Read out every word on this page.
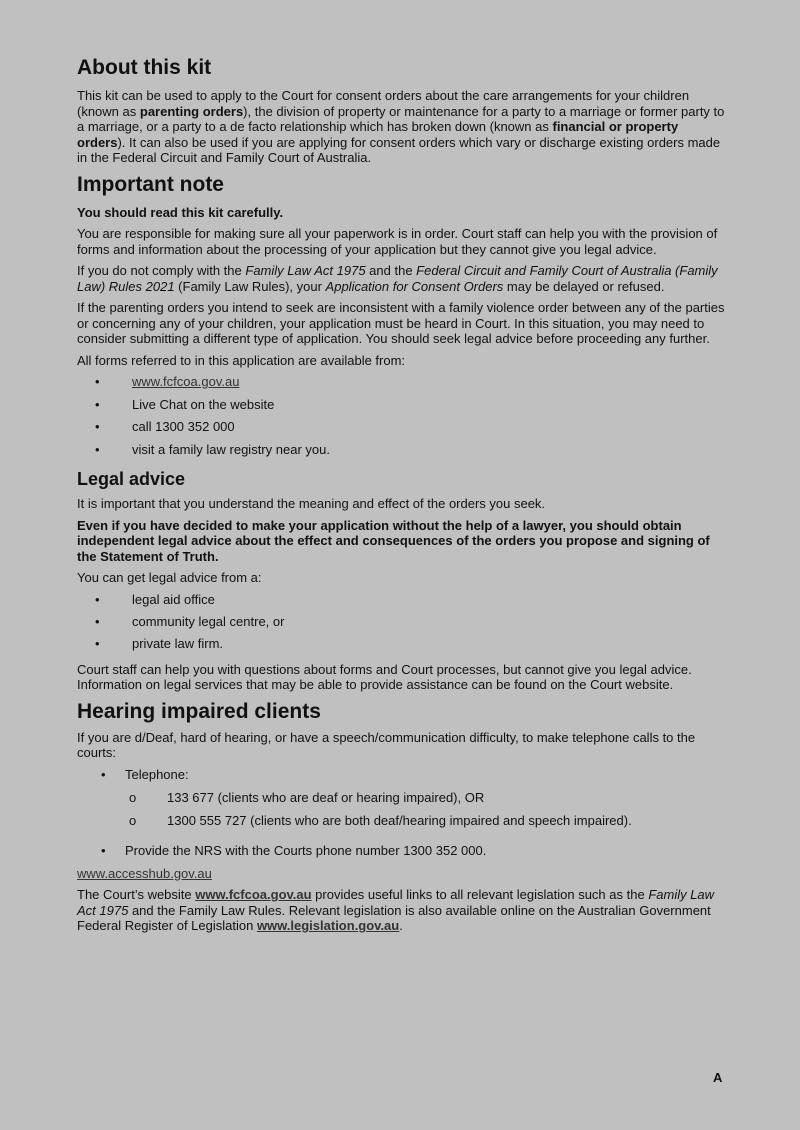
About this kit

This kit can be used to apply to the Court for consent orders about the care arrangements for your children (known as parenting orders), the division of property or maintenance for a party to a marriage or former party to a marriage, or a party to a de facto relationship which has broken down (known as financial or property orders). It can also be used if you are applying for consent orders which vary or discharge existing orders made in the Federal Circuit and Family Court of Australia.

Important note

You should read this kit carefully.

You are responsible for making sure all your paperwork is in order. Court staff can help you with the provision of forms and information about the processing of your application but they cannot give you legal advice.

If you do not comply with the Family Law Act 1975 and the Federal Circuit and Family Court of Australia (Family Law) Rules 2021 (Family Law Rules), your Application for Consent Orders may be delayed or refused.

If the parenting orders you intend to seek are inconsistent with a family violence order between any of the parties or concerning any of your children, your application must be heard in Court. In this situation, you may need to consider submitting a different type of application. You should seek legal advice before proceeding any further.

All forms referred to in this application are available from:

• www.fcfcoa.gov.au
• Live Chat on the website
• call 1300 352 000
• visit a family law registry near you.
Legal advice

It is important that you understand the meaning and effect of the orders you seek.

Even if you have decided to make your application without the help of a lawyer, you should obtain independent legal advice about the effect and consequences of the orders you propose and signing of the Statement of Truth.

You can get legal advice from a:

• legal aid office
• community legal centre, or
• private law firm.

Court staff can help you with questions about forms and Court processes, but cannot give you legal advice. Information on legal services that may be able to provide assistance can be found on the Court website.

Hearing impaired clients

If you are d/Deaf, hard of hearing, or have a speech/communication difficulty, to make telephone calls to the courts:

• Telephone:
o 133 677 (clients who are deaf or hearing impaired), OR
o 1300 555 727 (clients who are both deaf/hearing impaired and speech impaired).
• Provide the NRS with the Courts phone number 1300 352 000.

www.accesshub.gov.au

The Court’s website www.fcfcoa.gov.au provides useful links to all relevant legislation such as the Family Law Act 1975 and the Family Law Rules. Relevant legislation is also available online on the Australian Government Federal Register of Legislation www.legislation.gov.au.

A
